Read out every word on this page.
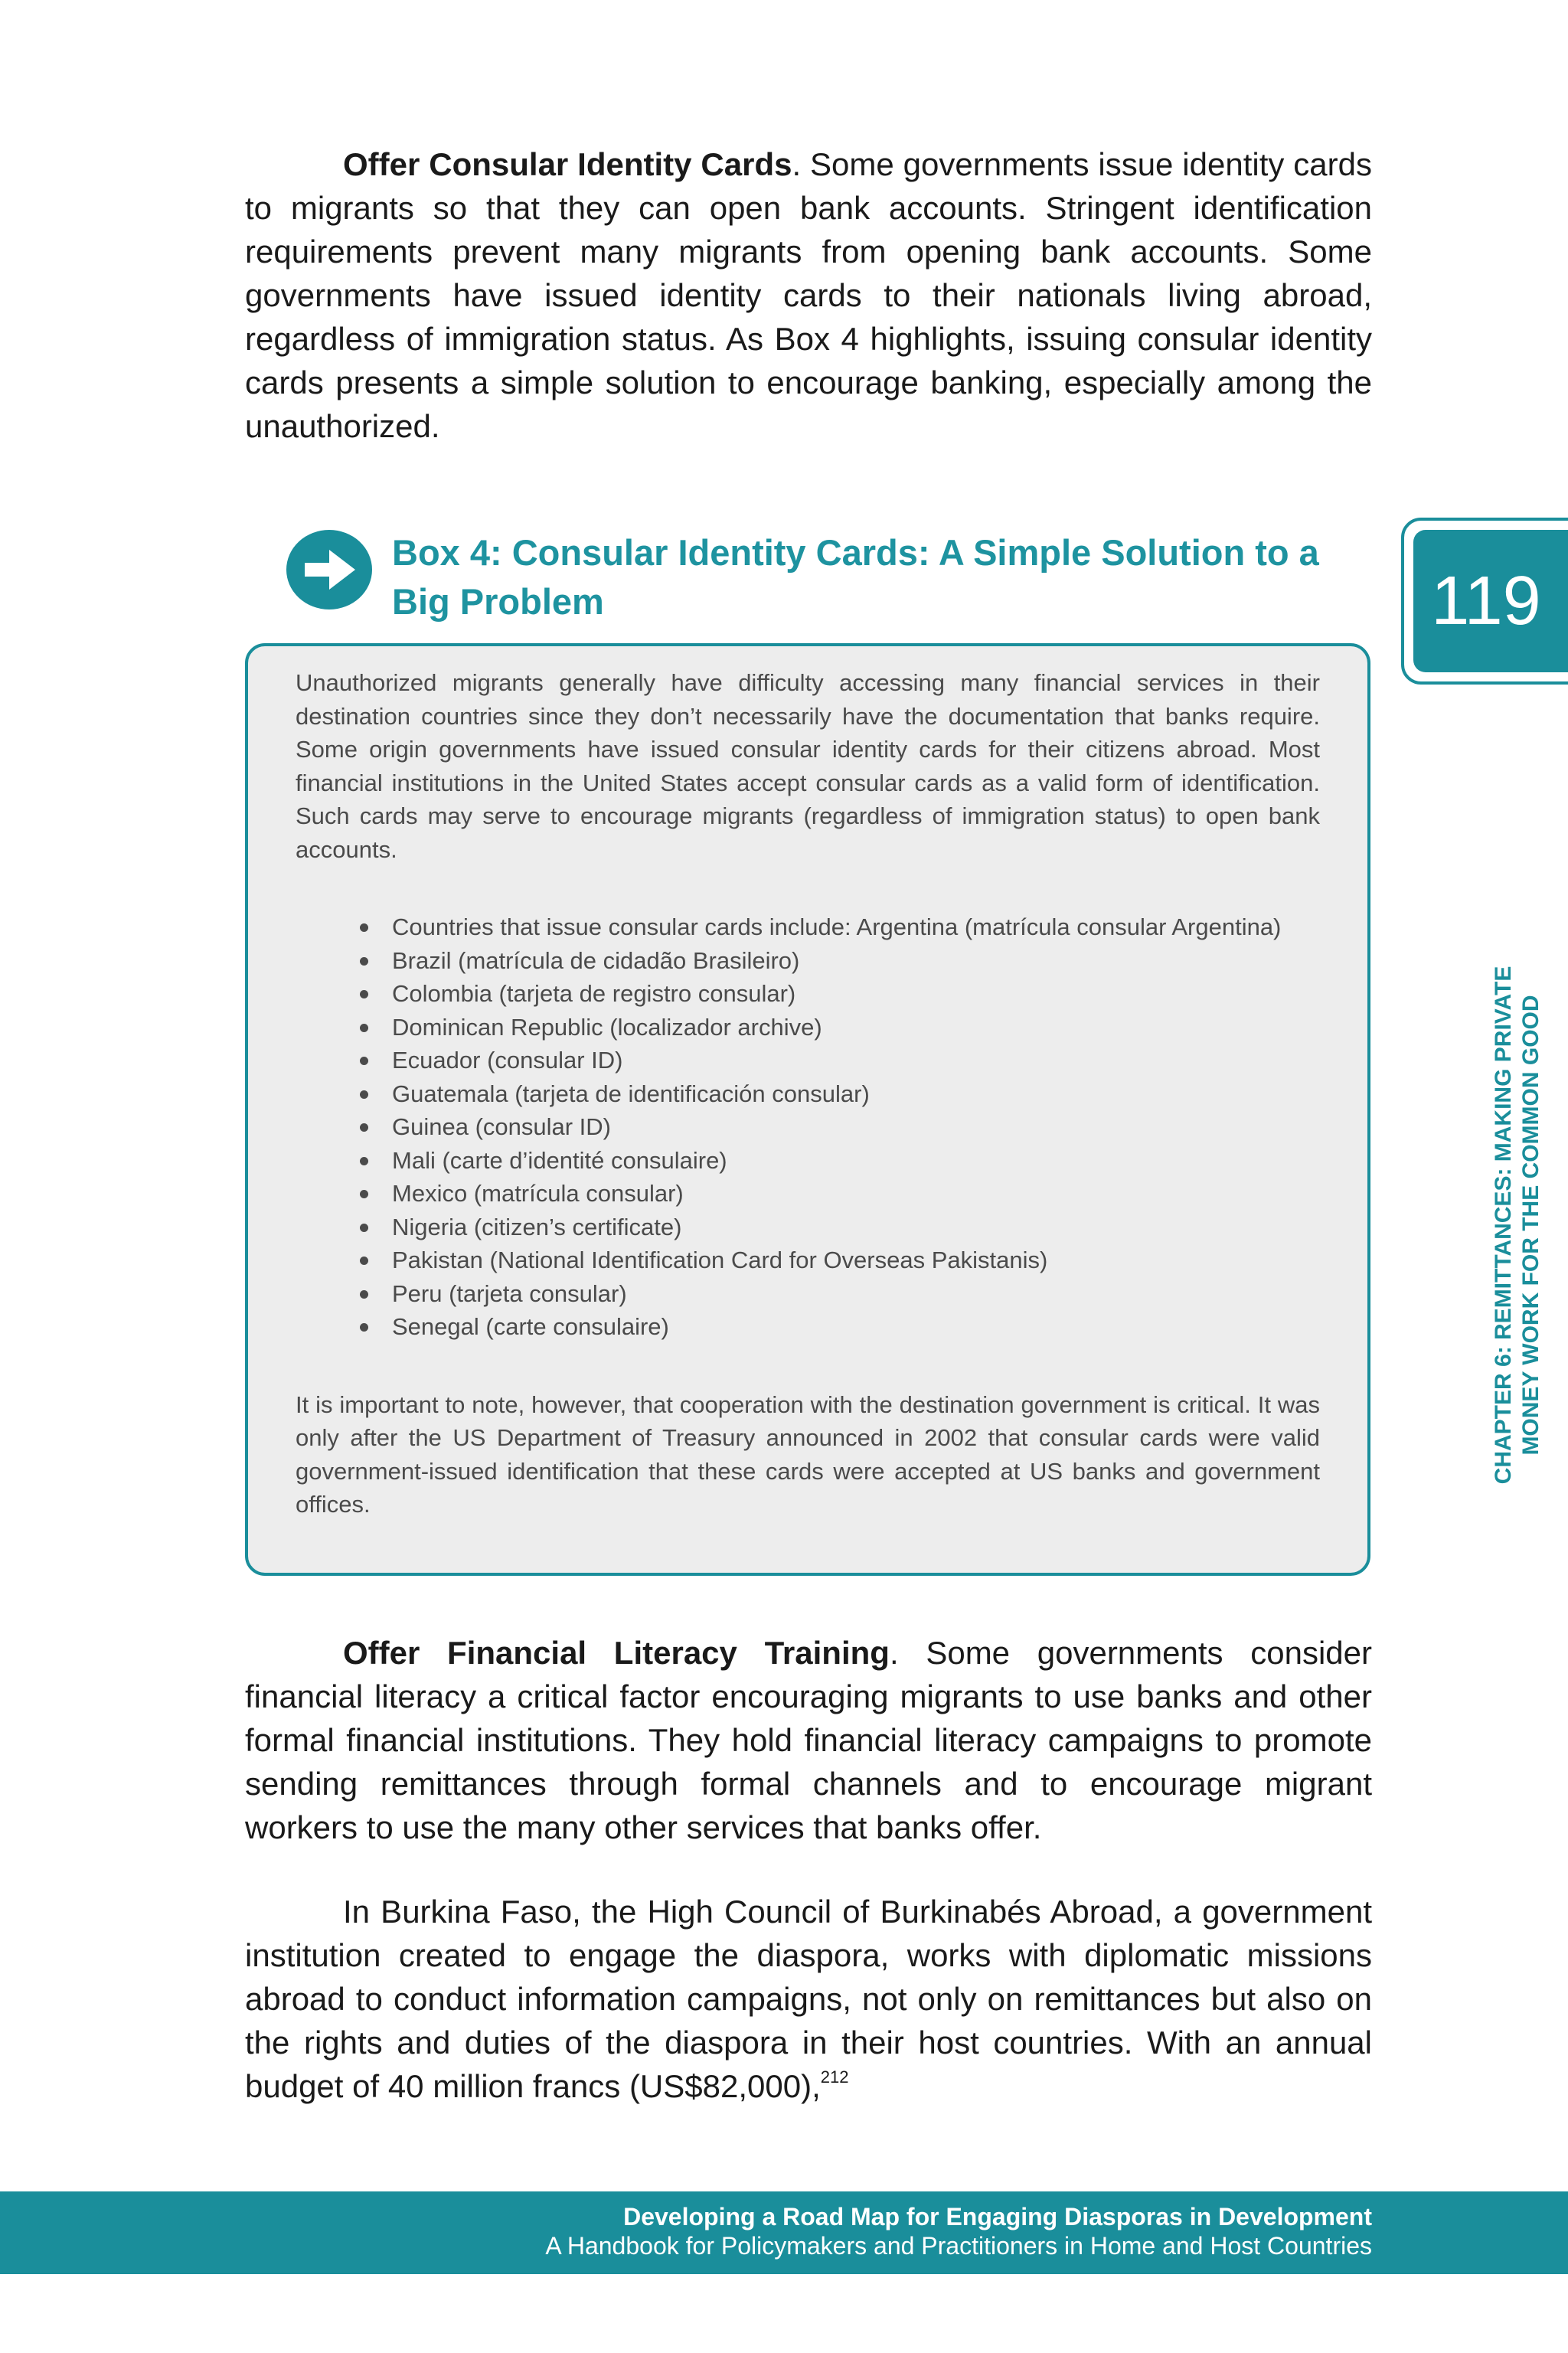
Offer Consular Identity Cards. Some governments issue identity cards to migrants so that they can open bank accounts. Stringent identification requirements prevent many migrants from opening bank accounts. Some governments have issued identity cards to their nationals living abroad, regardless of immigration status. As Box 4 highlights, issuing consular identity cards presents a simple solution to encourage banking, especially among the unauthorized.

Box 4: Consular Identity Cards: A Simple Solution to a Big Problem

Unauthorized migrants generally have difficulty accessing many financial services in their destination countries since they don’t necessarily have the documentation that banks require. Some origin governments have issued consular identity cards for their citizens abroad. Most financial institutions in the United States accept consular cards as a valid form of identification. Such cards may serve to encourage migrants (regardless of immigration status) to open bank accounts.

Countries that issue consular cards include: Argentina (matrícula consular Argentina)
Brazil (matrícula de cidadão Brasileiro)
Colombia (tarjeta de registro consular)
Dominican Republic (localizador archive)
Ecuador (consular ID)
Guatemala (tarjeta de identificación consular)
Guinea (consular ID)
Mali (carte d’identité consulaire)
Mexico (matrícula consular)
Nigeria (citizen’s certificate)
Pakistan (National Identification Card for Overseas Pakistanis)
Peru (tarjeta consular)
Senegal (carte consulaire)

It is important to note, however, that cooperation with the destination government is critical. It was only after the US Department of Treasury announced in 2002 that consular cards were valid government-issued identification that these cards were accepted at US banks and government offices.

Offer Financial Literacy Training. Some governments consider financial literacy a critical factor encouraging migrants to use banks and other formal financial institutions. They hold financial literacy campaigns to promote sending remittances through formal channels and to encourage migrant workers to use the many other services that banks offer.

In Burkina Faso, the High Council of Burkinabés Abroad, a government institution created to engage the diaspora, works with diplomatic missions abroad to conduct information campaigns, not only on remittances but also on the rights and duties of the diaspora in their host countries. With an annual budget of 40 million francs (US$82,000),$^{212}$

119
CHAPTER 6: REMITTANCES: MAKING PRIVATE MONEY WORK FOR THE COMMON GOOD
Developing a Road Map for Engaging Diasporas in Development
A Handbook for Policymakers and Practitioners in Home and Host Countries
